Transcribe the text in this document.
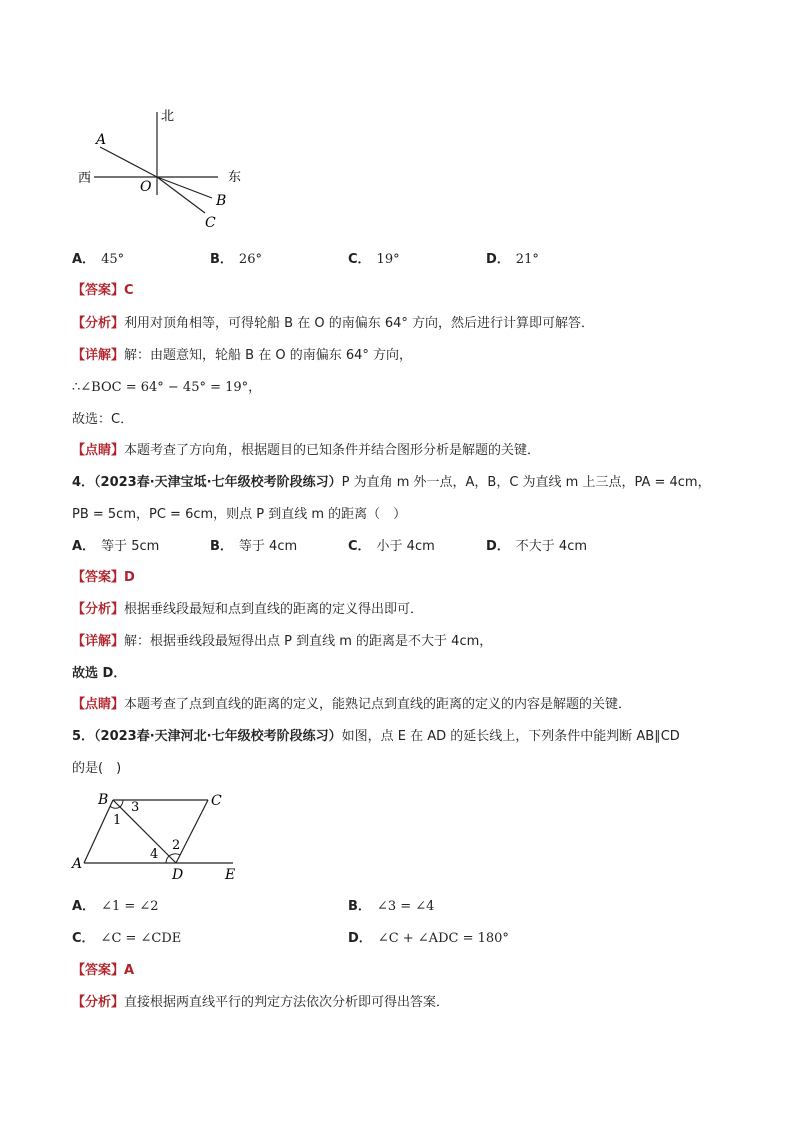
北
西	东
A
O
B
C
A． 45°	B． 26°	C． 19°	D． 21°
【答案】C
【分析】利用对顶角相等，可得轮船 B 在 O 的南偏东 64° 方向，然后进行计算即可解答．
【详解】解：由题意知，轮船 B 在 O 的南偏东 64° 方向，
∴∠BOC = 64° − 45° = 19°，
故选：C．
【点睛】本题考查了方向角，根据题目的已知条件并结合图形分析是解题的关键．
4．（2023春·天津宝坻·七年级校考阶段练习）P 为直角 m 外一点，A，B，C 为直线 m 上三点，PA = 4cm，
PB = 5cm，PC = 6cm，则点 P 到直线 m 的距离（　）
A． 等于 5cm	B． 等于 4cm	C． 小于 4cm	D． 不大于 4cm
【答案】D
【分析】根据垂线段最短和点到直线的距离的定义得出即可．
【详解】解：根据垂线段最短得出点 P 到直线 m 的距离是不大于 4cm，
故选 D．
【点睛】本题考查了点到直线的距离的定义，能熟记点到直线的距离的定义的内容是解题的关键．
5．（2023春·天津河北·七年级校考阶段练习）如图，点 E 在 AD 的延长线上，下列条件中能判断 AB∥CD
的是(　)
B	C
A
D	E
1
2
3
4
A． ∠1 = ∠2	B． ∠3 = ∠4
C． ∠C = ∠CDE	D． ∠C + ∠ADC = 180°
【答案】A
【分析】直接根据两直线平行的判定方法依次分析即可得出答案．
